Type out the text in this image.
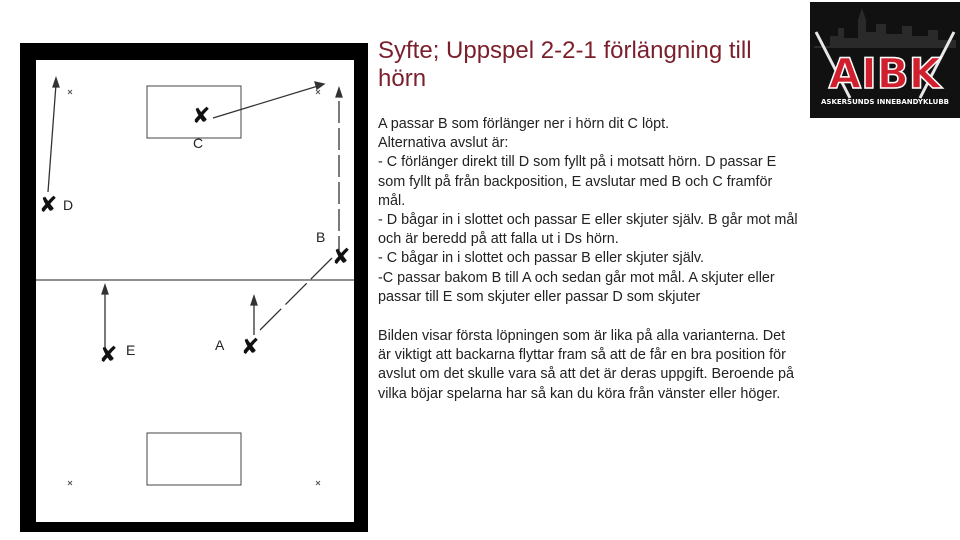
✘
✘
✘
✘	✘
C
D
B
E	A
Syfte; Uppspel 2-2-1 förlängning till hörn

A passar B som förlänger ner i hörn dit C löpt.

Alternativa avslut är:

- C förlänger direkt till D som fyllt på i motsatt hörn. D passar E som fyllt på från backposition, E avslutar med B och C framför mål.

- D bågar in i slottet och passar E eller skjuter själv. B går mot mål och är beredd på att falla ut i Ds hörn.

- C bågar in i slottet och passar B eller skjuter själv.

-C passar bakom B till A och sedan går mot mål. A skjuter eller passar till E som skjuter eller passar D som skjuter

Bilden visar första löpningen som är lika på alla varianterna. Det är viktigt att backarna flyttar fram så att de får en bra position för avslut om det skulle vara så att det är deras uppgift. Beroende på vilka böjar spelarna har så kan du köra från vänster eller höger.

AIBK
ASKERSUNDS INNEBANDYKLUBB
